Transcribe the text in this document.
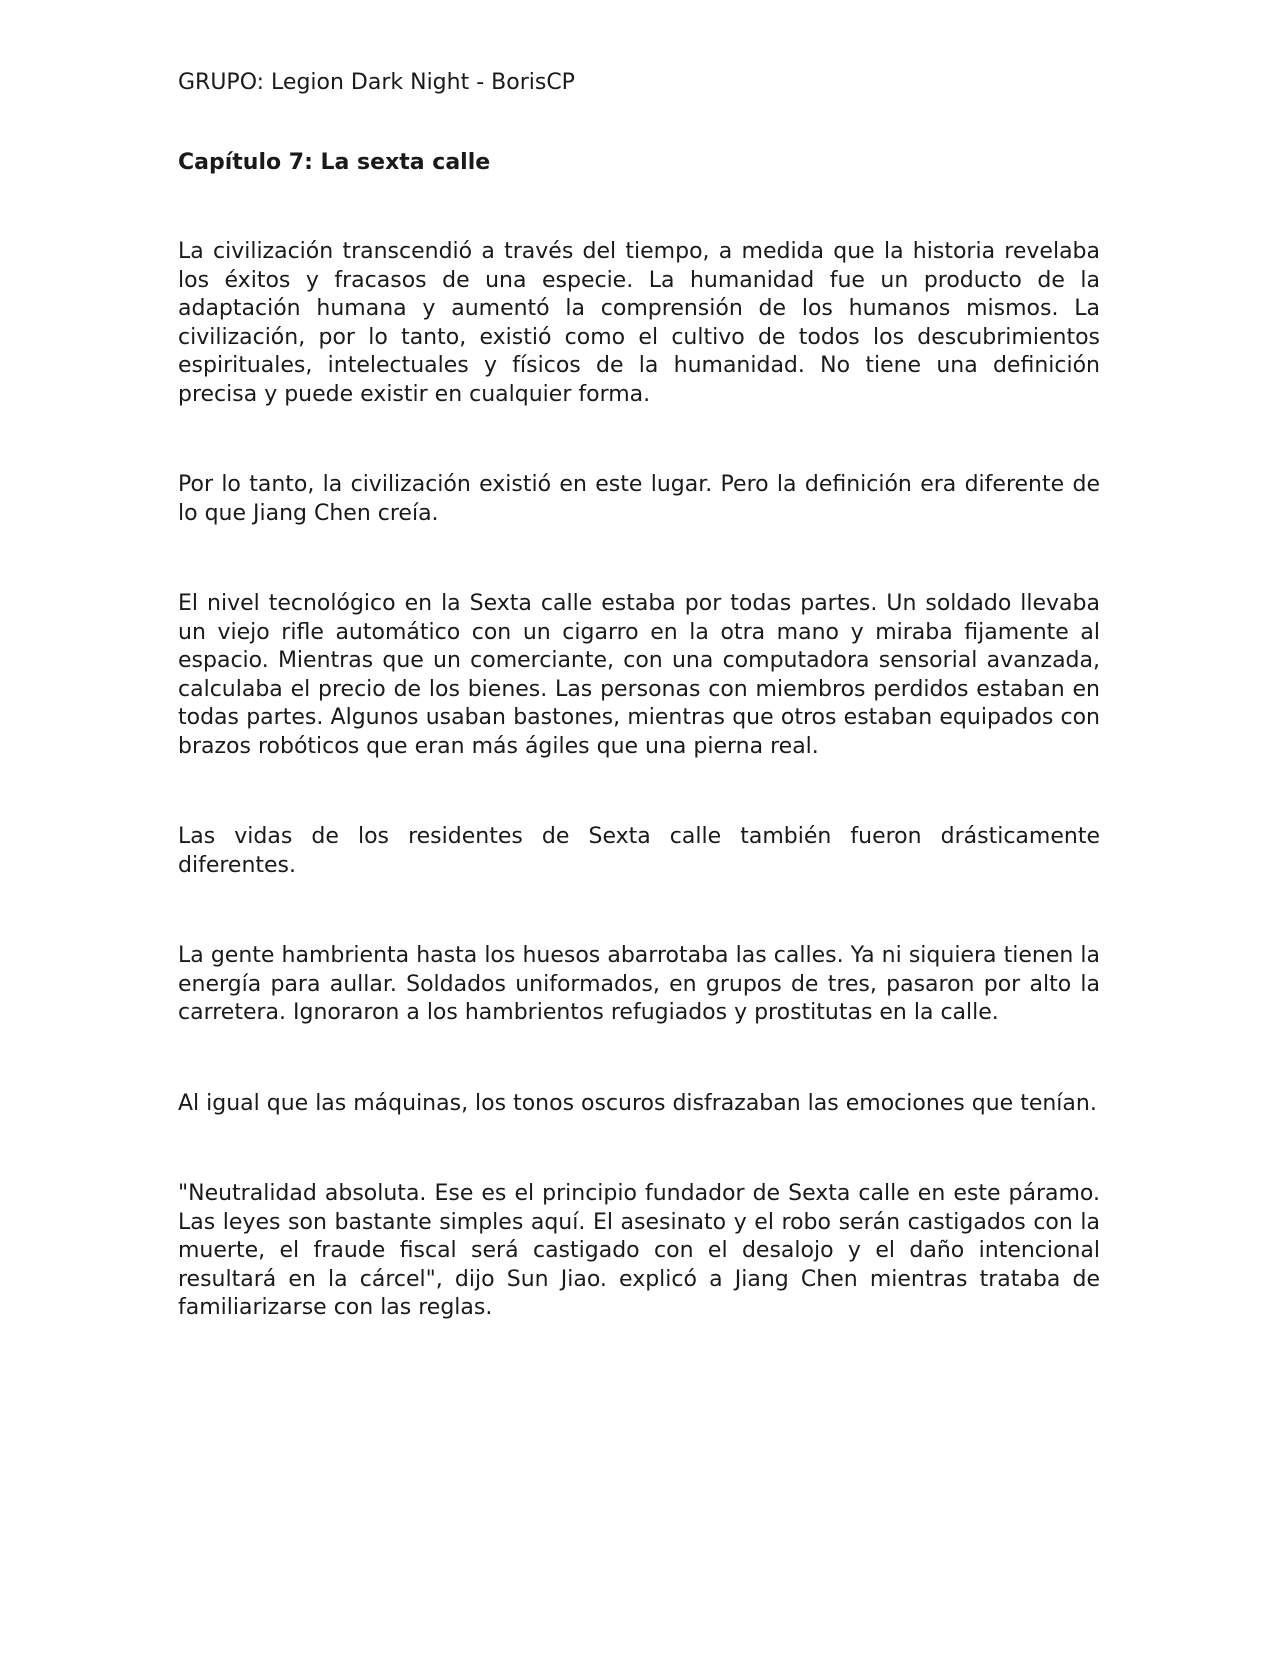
GRUPO: Legion Dark Night - BorisCP

Capítulo 7: La sexta calle

La civilización transcendió a través del tiempo, a medida que la historia revelaba los éxitos y fracasos de una especie. La humanidad fue un producto de la adaptación humana y aumentó la comprensión de los humanos mismos. La civilización, por lo tanto, existió como el cultivo de todos los descubrimientos espirituales, intelectuales y físicos de la humanidad. No tiene una definición precisa y puede existir en cualquier forma.

Por lo tanto, la civilización existió en este lugar. Pero la definición era diferente de lo que Jiang Chen creía.

El nivel tecnológico en la Sexta calle estaba por todas partes. Un soldado llevaba un viejo rifle automático con un cigarro en la otra mano y miraba fijamente al espacio. Mientras que un comerciante, con una computadora sensorial avanzada, calculaba el precio de los bienes. Las personas con miembros perdidos estaban en todas partes. Algunos usaban bastones, mientras que otros estaban equipados con brazos robóticos que eran más ágiles que una pierna real.

Las vidas de los residentes de Sexta calle también fueron drásticamente diferentes.

La gente hambrienta hasta los huesos abarrotaba las calles. Ya ni siquiera tienen la energía para aullar. Soldados uniformados, en grupos de tres, pasaron por alto la carretera. Ignoraron a los hambrientos refugiados y prostitutas en la calle.

Al igual que las máquinas, los tonos oscuros disfrazaban las emociones que tenían.

"Neutralidad absoluta. Ese es el principio fundador de Sexta calle en este páramo. Las leyes son bastante simples aquí. El asesinato y el robo serán castigados con la muerte, el fraude fiscal será castigado con el desalojo y el daño intencional resultará en la cárcel", dijo Sun Jiao. explicó a Jiang Chen mientras trataba de familiarizarse con las reglas.
